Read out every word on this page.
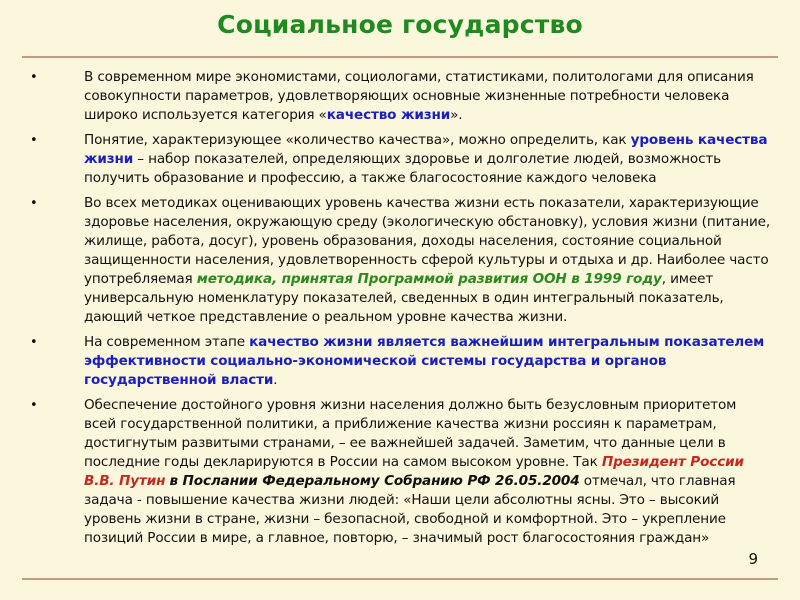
Социальное государство
•	В современном мире экономистами, социологами, статистиками, политологами для описания совокупности параметров, удовлетворяющих основные жизненные потребности человека широко используется категория «качество жизни».
•	Понятие, характеризующее «количество качества», можно определить, как уровень качества жизни – набор показателей, определяющих здоровье и долголетие людей, возможность получить образование и профессию, а также благосостояние каждого человека
•	Во всех методиках оценивающих уровень качества жизни есть показатели, характеризующие здоровье населения, окружающую среду (экологическую обстановку), условия жизни (питание, жилище, работа, досуг), уровень образования, доходы населения, состояние социальной защищенности населения, удовлетворенность сферой культуры и отдыха и др. Наиболее часто употребляемая методика, принятая Программой развития ООН в 1999 году, имеет универсальную номенклатуру показателей, сведенных в один интегральный показатель, дающий четкое представление о реальном уровне качества жизни.
•	На современном этапе качество жизни является важнейшим интегральным показателем эффективности социально-экономической системы государства и органов государственной власти.
•	Обеспечение достойного уровня жизни населения должно быть безусловным приоритетом всей государственной политики, а приближение качества жизни россиян к параметрам, достигнутым развитыми странами, – ее важнейшей задачей. Заметим, что данные цели в последние годы декларируются в России на самом высоком уровне. Так Президент России В.В. Путин в Послании Федеральному Собранию РФ 26.05.2004 отмечал, что главная задача - повышение качества жизни людей: «Наши цели абсолютны ясны. Это – высокий уровень жизни в стране, жизни – безопасной, свободной и комфортной. Это – укрепление позиций России в мире, а главное, повторю, – значимый рост благосостояния граждан»
9
